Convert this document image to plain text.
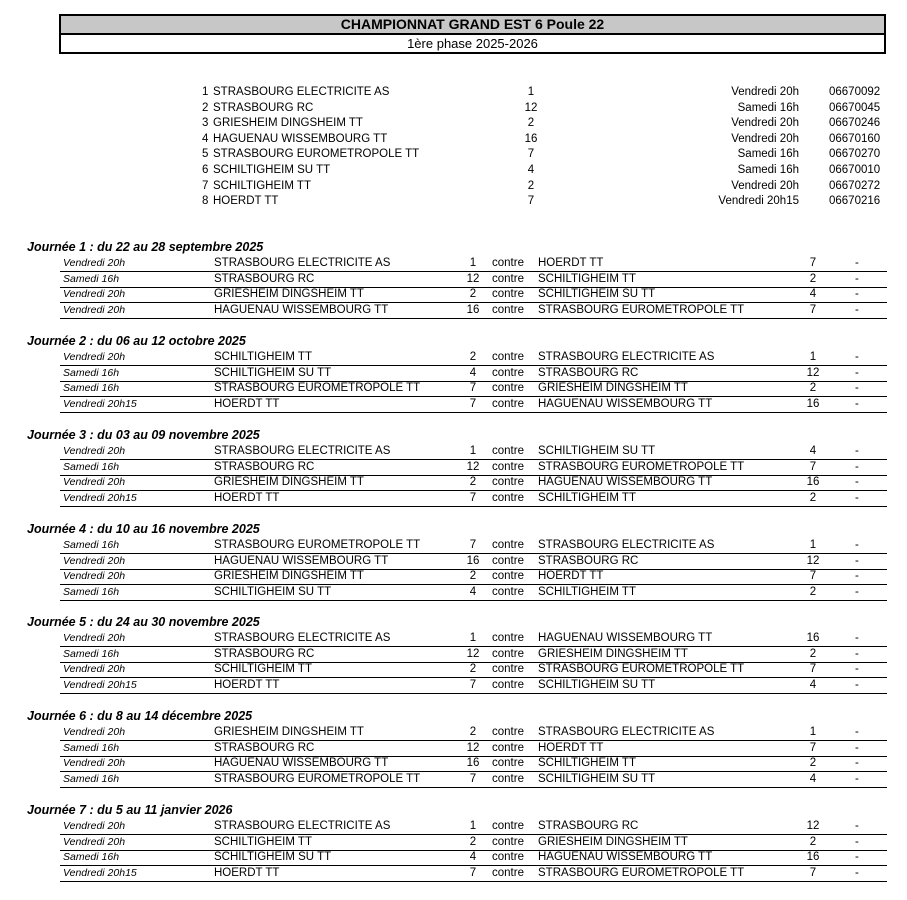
CHAMPIONNAT GRAND EST 6 Poule 22
1ère phase 2025-2026
1 STRASBOURG ELECTRICITE AS	1	Vendredi 20h	06670092
2 STRASBOURG RC	12	Samedi 16h	06670045
3 GRIESHEIM DINGSHEIM TT	2	Vendredi 20h	06670246
4 HAGUENAU WISSEMBOURG TT	16	Vendredi 20h	06670160
5 STRASBOURG EUROMETROPOLE TT	7	Samedi 16h	06670270
6 SCHILTIGHEIM SU TT	4	Samedi 16h	06670010
7 SCHILTIGHEIM TT	2	Vendredi 20h	06670272
8 HOERDT TT	7	Vendredi 20h15	06670216
Journée 1 : du 22 au 28 septembre 2025
Vendredi 20h	STRASBOURG ELECTRICITE AS	1	contre HOERDT TT	7	-
Samedi 16h	STRASBOURG RC	12	contre SCHILTIGHEIM TT	2	-
Vendredi 20h	GRIESHEIM DINGSHEIM TT	2	contre SCHILTIGHEIM SU TT	4	-
Vendredi 20h	HAGUENAU WISSEMBOURG TT	16	contre STRASBOURG EUROMETROPOLE TT	7	-
Journée 2 : du 06 au 12 octobre 2025
Vendredi 20h	SCHILTIGHEIM TT	2	contre STRASBOURG ELECTRICITE AS	1	-
Samedi 16h	SCHILTIGHEIM SU TT	4	contre STRASBOURG RC	12	-
Samedi 16h	STRASBOURG EUROMETROPOLE TT	7	contre GRIESHEIM DINGSHEIM TT	2	-
Vendredi 20h15	HOERDT TT	7	contre HAGUENAU WISSEMBOURG TT	16	-
Journée 3 : du 03 au 09 novembre 2025
Vendredi 20h	STRASBOURG ELECTRICITE AS	1	contre SCHILTIGHEIM SU TT	4	-
Samedi 16h	STRASBOURG RC	12	contre STRASBOURG EUROMETROPOLE TT	7	-
Vendredi 20h	GRIESHEIM DINGSHEIM TT	2	contre HAGUENAU WISSEMBOURG TT	16	-
Vendredi 20h15	HOERDT TT	7	contre SCHILTIGHEIM TT	2	-
Journée 4 : du 10 au 16 novembre 2025
Samedi 16h	STRASBOURG EUROMETROPOLE TT	7	contre STRASBOURG ELECTRICITE AS	1	-
Vendredi 20h	HAGUENAU WISSEMBOURG TT	16	contre STRASBOURG RC	12	-
Vendredi 20h	GRIESHEIM DINGSHEIM TT	2	contre HOERDT TT	7	-
Samedi 16h	SCHILTIGHEIM SU TT	4	contre SCHILTIGHEIM TT	2	-
Journée 5 : du 24 au 30 novembre 2025
Vendredi 20h	STRASBOURG ELECTRICITE AS	1	contre HAGUENAU WISSEMBOURG TT	16	-
Samedi 16h	STRASBOURG RC	12	contre GRIESHEIM DINGSHEIM TT	2	-
Vendredi 20h	SCHILTIGHEIM TT	2	contre STRASBOURG EUROMETROPOLE TT	7	-
Vendredi 20h15	HOERDT TT	7	contre SCHILTIGHEIM SU TT	4	-
Journée 6 : du 8 au 14 décembre 2025
Vendredi 20h	GRIESHEIM DINGSHEIM TT	2	contre STRASBOURG ELECTRICITE AS	1	-
Samedi 16h	STRASBOURG RC	12	contre HOERDT TT	7	-
Vendredi 20h	HAGUENAU WISSEMBOURG TT	16	contre SCHILTIGHEIM TT	2	-
Samedi 16h	STRASBOURG EUROMETROPOLE TT	7	contre SCHILTIGHEIM SU TT	4	-
Journée 7 : du 5 au 11 janvier 2026
Vendredi 20h	STRASBOURG ELECTRICITE AS	1	contre STRASBOURG RC	12	-
Vendredi 20h	SCHILTIGHEIM TT	2	contre GRIESHEIM DINGSHEIM TT	2	-
Samedi 16h	SCHILTIGHEIM SU TT	4	contre HAGUENAU WISSEMBOURG TT	16	-
Vendredi 20h15	HOERDT TT	7	contre STRASBOURG EUROMETROPOLE TT	7	-
